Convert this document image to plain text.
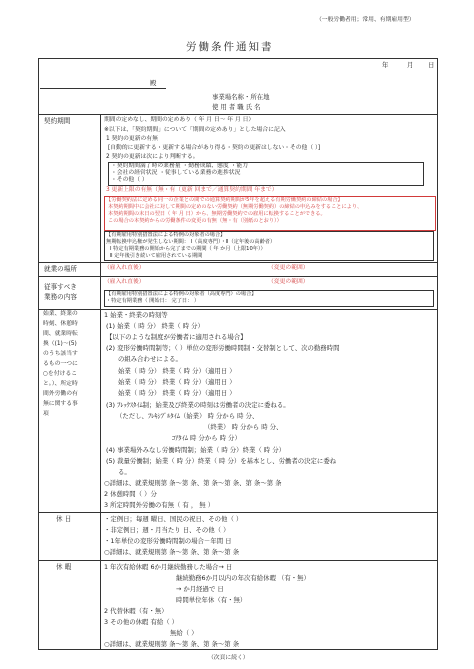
（一般労働者用；常用、有期雇用型）
労働条件通知書
年	月 日
殿
事業場名称・所在地
使 用 者 職 氏 名
契約期間	期間の定めなし、期間の定めあり（ 年 月 日～ 年 月 日）
※以下は、「契約期間」について「期間の定めあり」とした場合に記入
1 契約の更新の有無
[自動的に更新する・更新する場合があり得る・契約の更新はしない・その他（ ）]
2 契約の更新は次により判断する。
・契約期間満了時の業務量 ・勤務成績、態度 ・能力
・会社の経営状況 ・従事している業務の進捗状況
・その他（ ）
3 更新上限の有無（無・有（更新 回まで／通算契約期間 年まで）
【労働契約法に定める同一の企業との間での通算契約期間が5年を超える有期労働契約の締結の場合】
本契約期間中に会社に対して期間の定めのない労働契約（無期労働契約）の締結の申込みをすることにより、
本契約期間の末日の翌日（ 年 月 日）から、無期労働契約での雇用に転換することができる。
この場合の本契約からの労働条件の変更の有無（無・有（別紙のとおり））
【有期雇用特別措置法による特例の対象者の場合】
無期転換申込権が発生しない期間： Ⅰ（高度専門）・Ⅱ（定年後の高齢者）
Ⅰ 特定有期業務の開始から完了までの期間（ 年 か月（上限10年））
Ⅱ 定年後引き続いて雇用されている期間
就業の場所	（雇入れ直後）	（変更の範囲）
従事すべき
業務の内容
（雇入れ直後）	（変更の範囲）
【有期雇用特別措置法による特例の対象者（高度専門）の場合】
・特定有期業務（ 開始日： 完了日： ）
始業、終業の
時刻、休憩時
間、就業時転
換（(1)～(5)
のうち該当す
るもの一つに
○を付けるこ
と。）、所定時
間外労働の有
無に関する事
項
1 始業・終業の時刻等
(1) 始業（ 時 分） 終業（ 時 分）
【以下のような制度が労働者に適用される場合】
(2) 変形労働時間制等；（ ）単位の変形労働時間制・交替制として、次の勤務時間
の組み合わせによる。
始業（ 時 分） 終業（ 時 分）（適用日 ）
始業（ 時 分） 終業（ 時 分）（適用日 ）
始業（ 時 分） 終業（ 時 分）（適用日 ）
(3) ﾌﾚｯｸｽﾀｲﾑ制；始業及び終業の時刻は労働者の決定に委ねる。
（ただし、ﾌﾚｷｼﾌﾞﾙﾀｲﾑ（始業） 時 分から 時 分、
（終業） 時 分から 時 分、
ｺｱﾀｲﾑ 時 分から 時 分）
(4) 事業場外みなし労働時間制；始業（ 時 分）終業（ 時 分）
(5) 裁量労働制；始業（ 時 分）終業（ 時 分）を基本とし、労働者の決定に委ね
る。
○詳細は、就業規則第 条～第 条、第 条～第 条、第 条～第 条
2 休憩時間（ ）分
3 所定時間外労働の有無（ 有 ， 無 ）
休 日	・定例日；毎週 曜日、国民の祝日、その他（ ）
・非定例日；週・月当たり 日、その他（ ）
・1年単位の変形労働時間制の場合－年間 日
○詳細は、就業規則第 条～第 条、第 条～第 条
休 暇	1 年次有給休暇 6か月継続勤務した場合→ 日
継続勤務6か月以内の年次有給休暇 （有・無）
→ か月経過で 日
時間単位年休（有・無）
2 代替休暇（有・無）
3 その他の休暇 有給（ ）
無給（ ）
○詳細は、就業規則第 条～第 条、第 条～第 条
（次頁に続く）
